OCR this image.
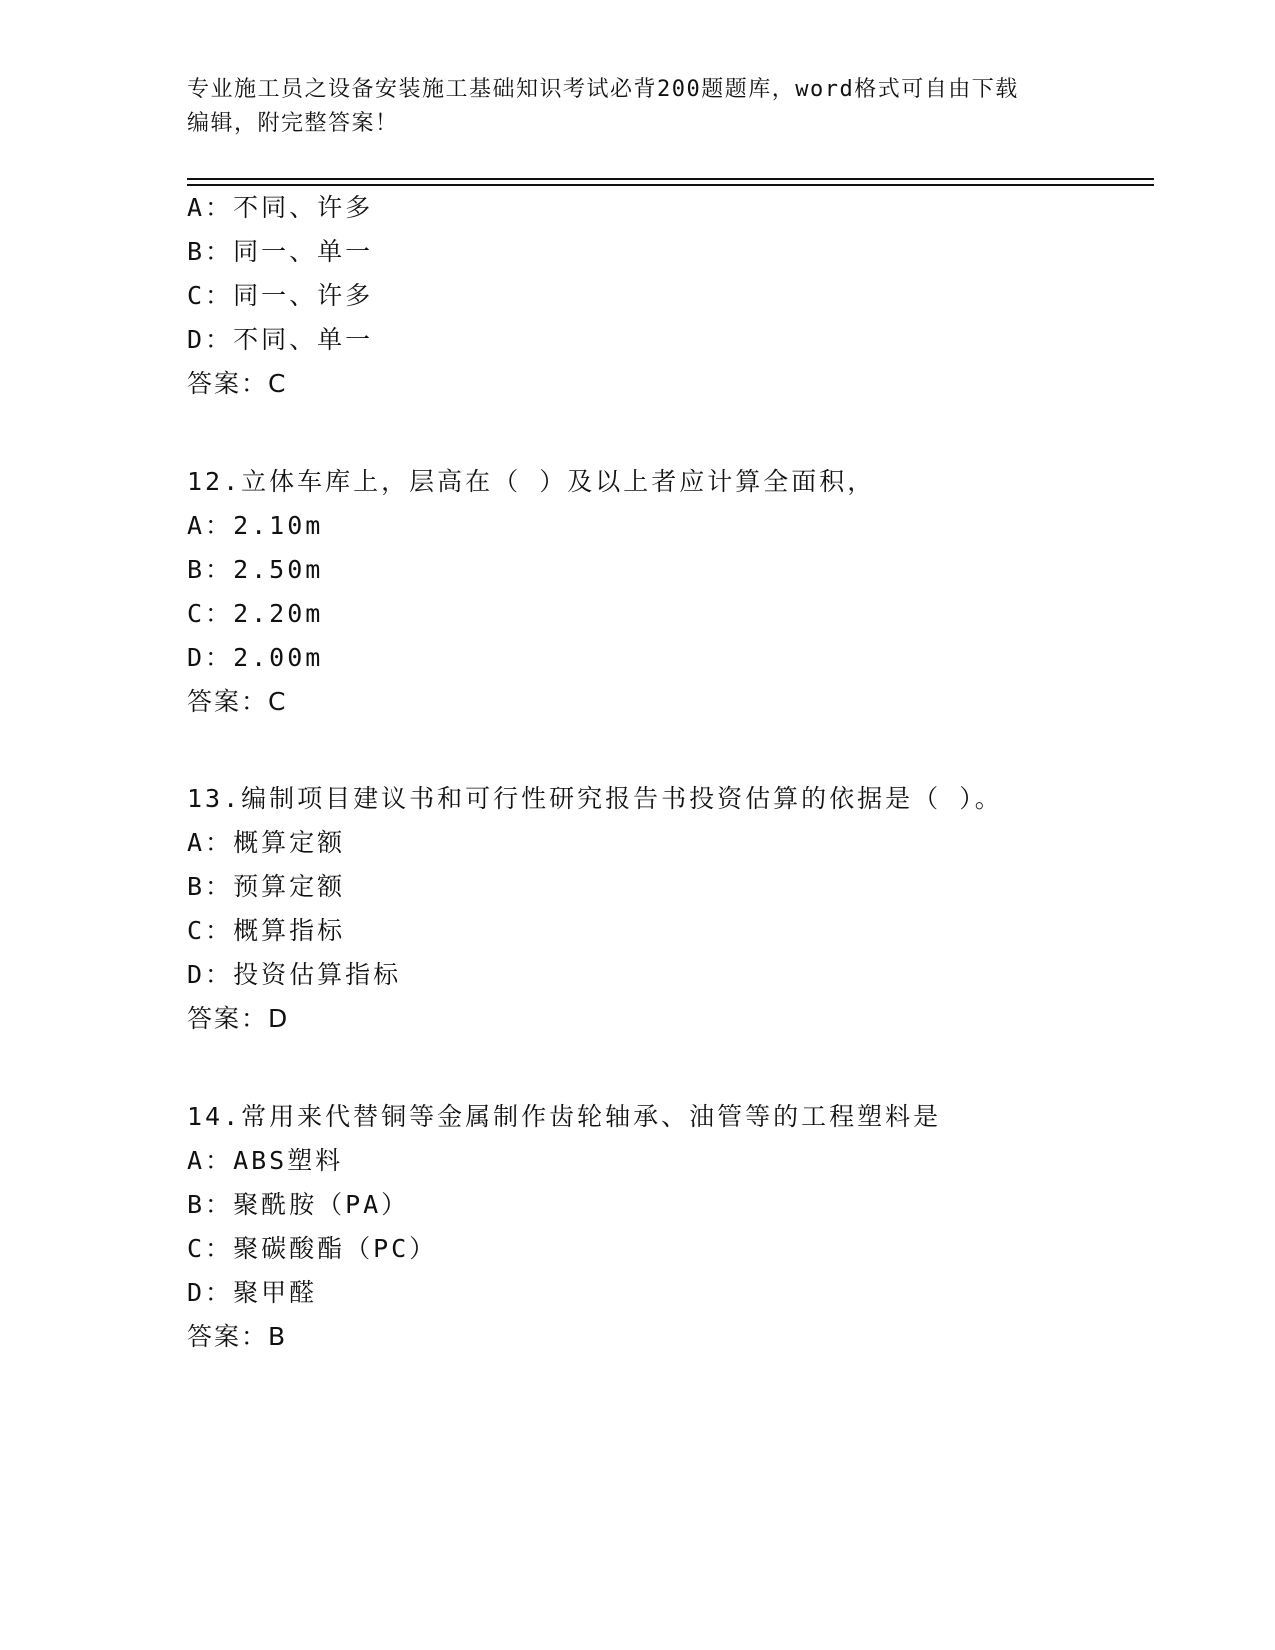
专业施工员之设备安装施工基础知识考试必背200题题库，word格式可自由下载
编辑，附完整答案！
A：不同、许多
B：同一、单一
C：同一、许多
D：不同、单一
答案：C
12.立体车库上，层高在（ ）及以上者应计算全面积，
A：2.10m
B：2.50m
C：2.20m
D：2.00m
答案：C
13.编制项目建议书和可行性研究报告书投资估算的依据是（ ）。
A：概算定额
B：预算定额
C：概算指标
D：投资估算指标
答案：D
14.常用来代替铜等金属制作齿轮轴承、油管等的工程塑料是
A：ABS塑料
B：聚酰胺（PA）
C：聚碳酸酯（PC）
D：聚甲醛
答案：B
